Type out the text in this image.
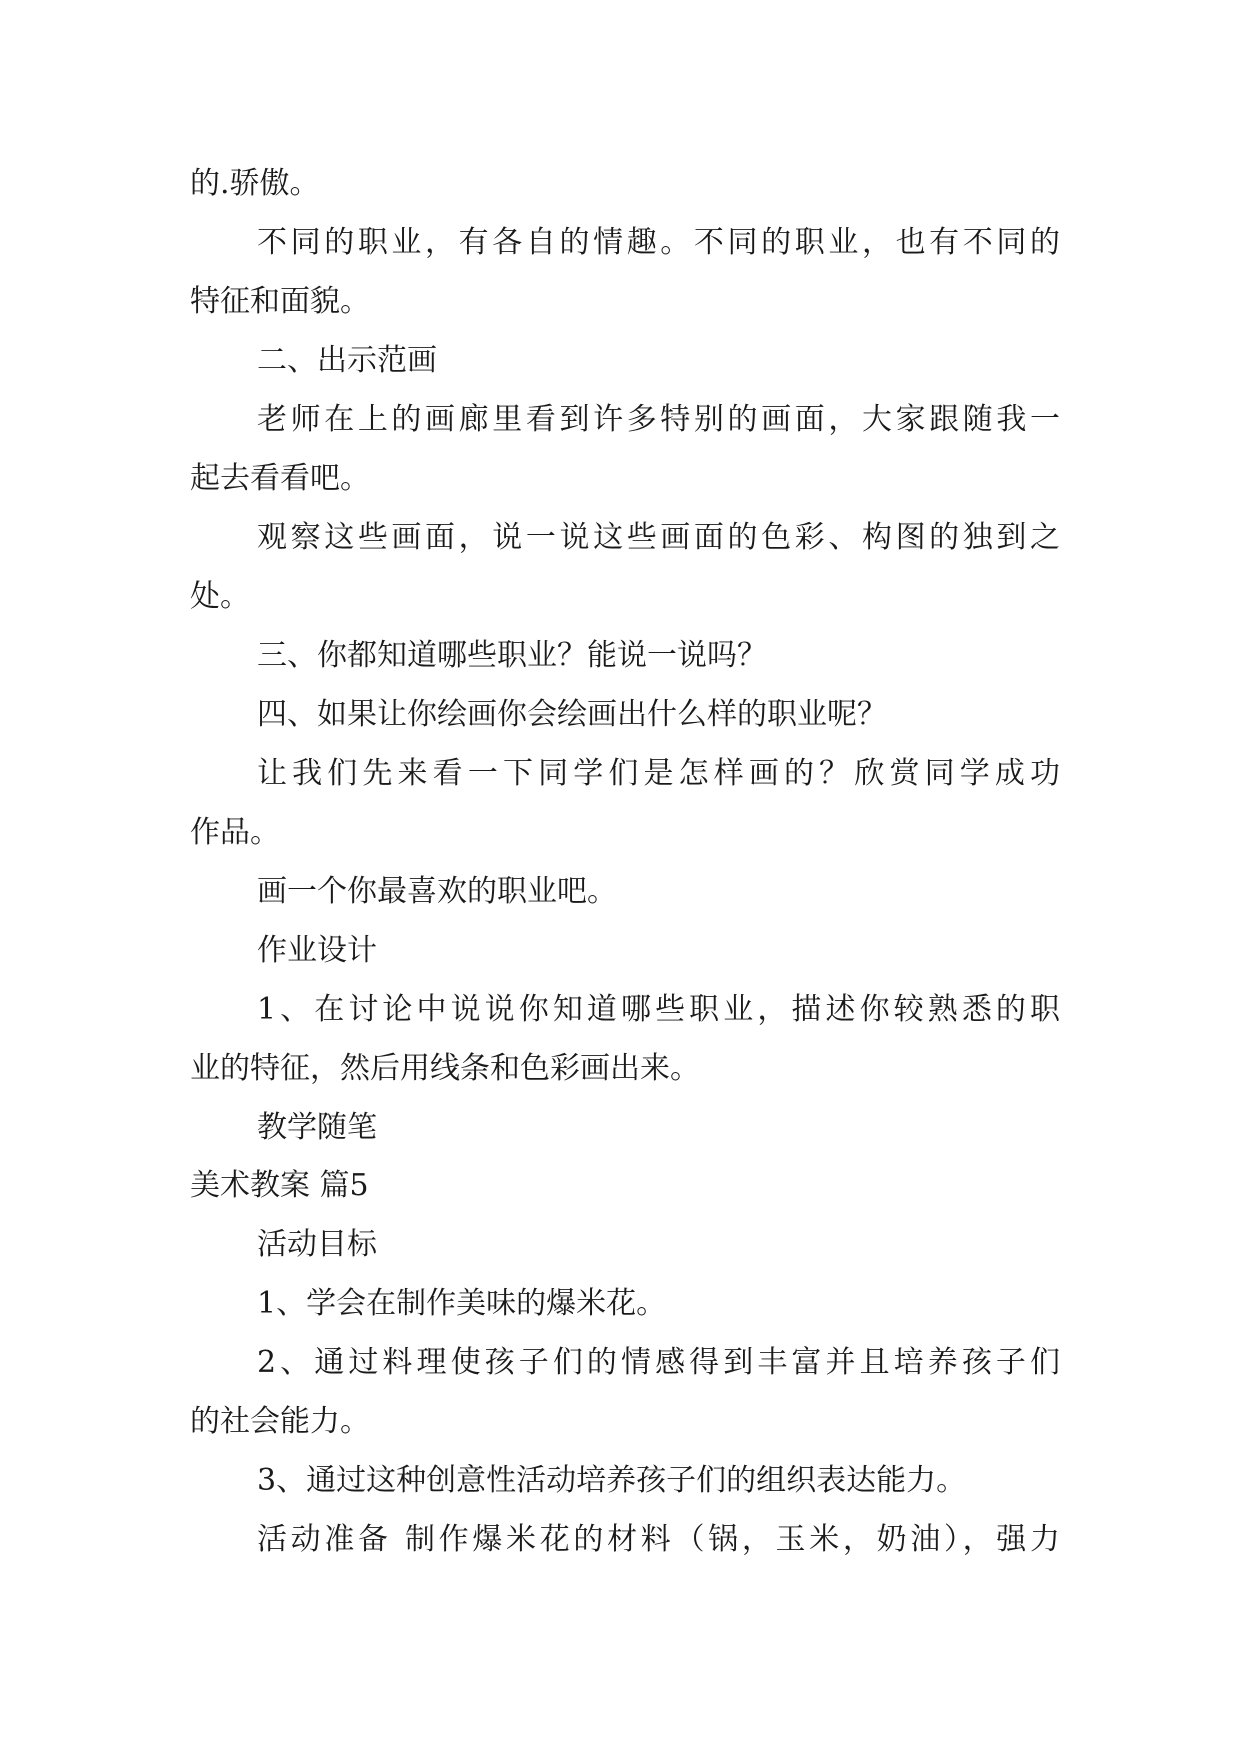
的.骄傲。
不同的职业，有各自的情趣。不同的职业，也有不同的
特征和面貌。
二、出示范画
老师在上的画廊里看到许多特别的画面，大家跟随我一
起去看看吧。
观察这些画面，说一说这些画面的色彩、构图的独到之
处。
三、你都知道哪些职业？能说一说吗？
四、如果让你绘画你会绘画出什么样的职业呢？
让我们先来看一下同学们是怎样画的？欣赏同学成功
作品。
画一个你最喜欢的职业吧。
作业设计
1、在讨论中说说你知道哪些职业，描述你较熟悉的职
业的特征，然后用线条和色彩画出来。
教学随笔
美术教案 篇5
活动目标
1、学会在制作美味的爆米花。
2、通过料理使孩子们的情感得到丰富并且培养孩子们
的社会能力。
3、通过这种创意性活动培养孩子们的组织表达能力。
活动准备 制作爆米花的材料（锅，玉米，奶油），强力
